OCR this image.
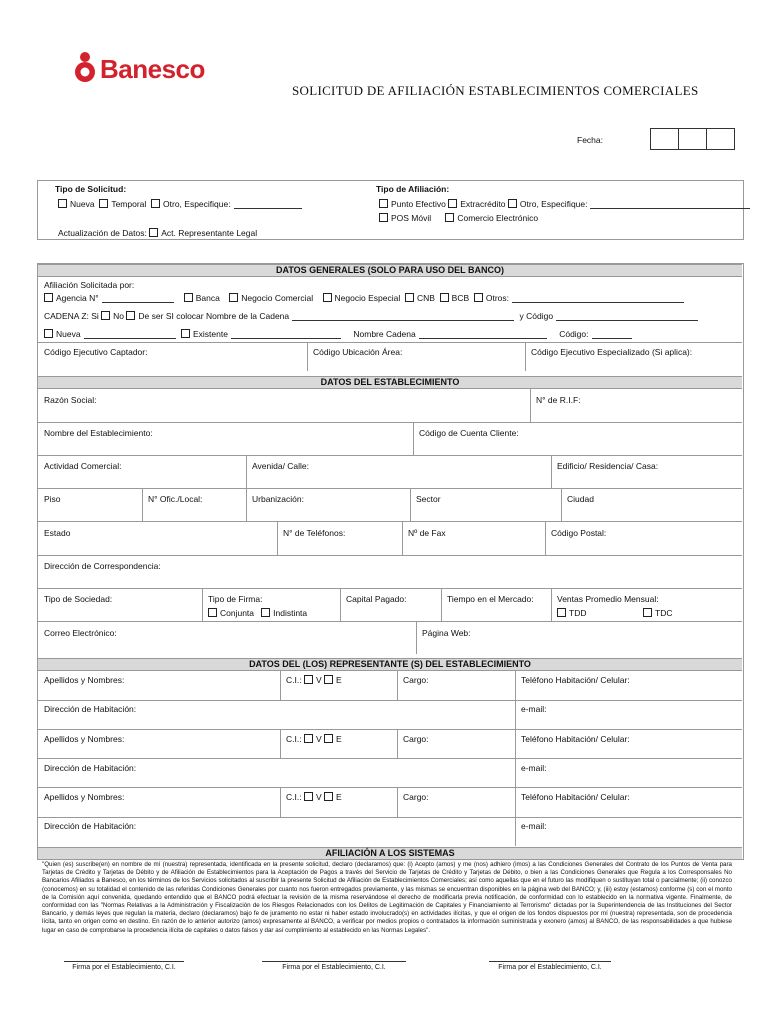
Banesco
SOLICITUD DE AFILIACIÓN ESTABLECIMIENTOS COMERCIALES
Fecha:
Tipo de Solicitud:
Nueva Temporal Otro, Especifique:
Actualización de Datos: Act. Representante Legal
Tipo de Afiliación:
Punto Efectivo Extracrédito Otro, Especifique:
POS Móvil	Comercio Electrónico
DATOS GENERALES (SOLO PARA USO DEL BANCO)
Afiliación Solicitada por:
Agencia N°	Banca	Negocio Comercial	Negocio Especial CNB BCB Otros:
CADENA Z: Si No De ser SI colocar Nombre de la Cadena	y Código
Nueva	Existente	Nombre Cadena	Código:
Código Ejecutivo Captador:	Código Ubicación Área:	Código Ejecutivo Especializado (Si aplica):
DATOS DEL ESTABLECIMIENTO
Razón Social:	N° de R.I.F:
Nombre del Establecimiento:	Código de Cuenta Cliente:
Actividad Comercial:	Avenida/ Calle:	Edificio/ Residencia/ Casa:
Piso	N° Ofic./Local:	Urbanización:	Sector	Ciudad
Estado	N° de Teléfonos:	Nº de Fax	Código Postal:
Dirección de Correspondencia:
Tipo de Sociedad:	Tipo de Firma:
Conjunta Indistinta
Capital Pagado:	Tiempo en el Mercado:	Ventas Promedio Mensual:
TDD	TDC
Correo Electrónico:	Página Web:
DATOS DEL (LOS) REPRESENTANTE (S) DEL ESTABLECIMIENTO
Apellidos y Nombres:	C.I.: V E	Cargo:	Teléfono Habitación/ Celular:
Dirección de Habitación:	e-mail:
Apellidos y Nombres:	C.I.: V E	Cargo:	Teléfono Habitación/ Celular:
Dirección de Habitación:	e-mail:
Apellidos y Nombres:	C.I.: V E	Cargo:	Teléfono Habitación/ Celular:
Dirección de Habitación:	e-mail:
AFILIACIÓN A LOS SISTEMAS
"Quien (es) suscribe(en) en nombre de mí (nuestra) representada, identificada en la presente solicitud, declaro (declaramos) que: (i) Acepto (amos) y me (nos) adhiero (imos) a las Condiciones Generales del Contrato de los Puntos de Venta para Tarjetas de Crédito y Tarjetas de Débito y de Afiliación de Establecimientos para la Aceptación de Pagos a través del Servicio de Tarjetas de Crédito y Tarjetas de Débito, o bien a las Condiciones Generales que Regula a los Corresponsales No Bancarios Afiliados a Banesco, en los términos de los Servicios solicitados al suscribir la presente Solicitud de Afiliación de Establecimientos Comerciales; así como aquellas que en el futuro las modifiquen o sustituyan total o parcialmente; (ii) conozco (conocemos) en su totalidad el contenido de las referidas Condiciones Generales por cuanto nos fueron entregados previamente, y las mismas se encuentran disponibles en la página web del BANCO; y, (iii) estoy (estamos) conforme (s) con el monto de la Comisión aquí convenida, quedando entendido que el BANCO podrá efectuar la revisión de la misma reservándose el derecho de modificarla previa notificación, de conformidad con lo establecido en la normativa vigente. Finalmente, de conformidad con las "Normas Relativas a la Administración y Fiscalización de los Riesgos Relacionados con los Delitos de Legitimación de Capitales y Financiamiento al Terrorismo" dictadas por la Superintendencia de las Instituciones del Sector Bancario, y demás leyes que regulan la materia, declaro (declaramos) bajo fe de juramento no estar ni haber estado involucrado(s) en actividades ilícitas, y que el origen de los fondos dispuestos por mí (nuestra) representada, son de procedencia lícita, tanto en origen como en destino. En razón de lo anterior autorizo (amos) expresamente al BANCO, a verificar por medios propios o contratados la información suministrada y exonero (amos) al BANCO, de las responsabilidades a que hubiese lugar en caso de comprobarse la procedencia ilícita de capitales o datos falsos y dar así cumplimiento al establecido en las Normas Legales".
Firma por el Establecimiento, C.I.	Firma por el Establecimiento, C.I.	Firma por el Establecimiento, C.I.
